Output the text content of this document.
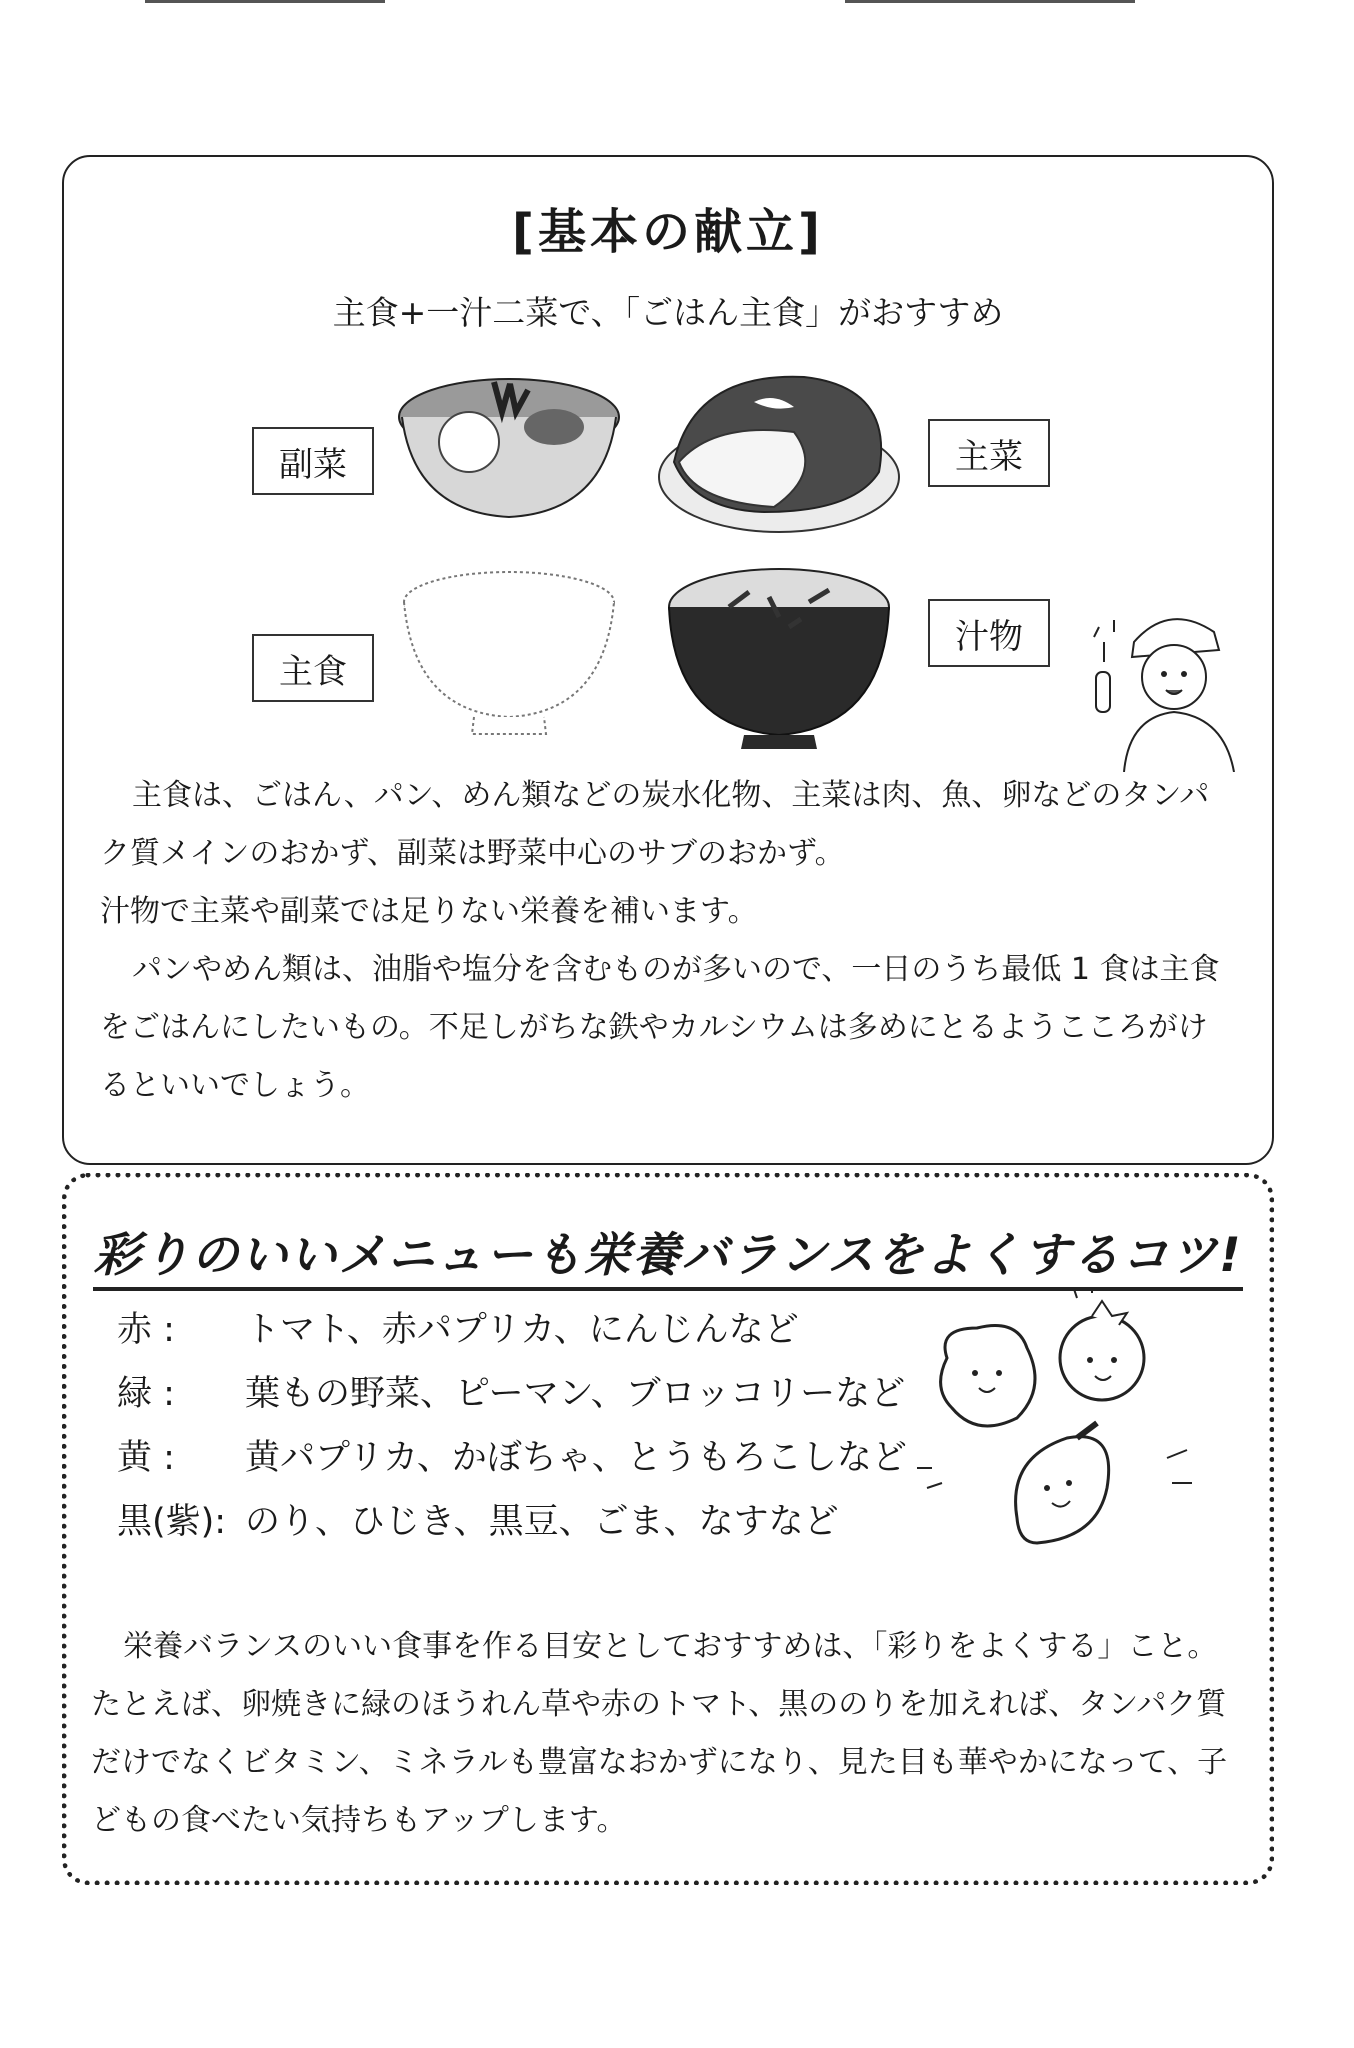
[基本の献立]
主食+一汁二菜で、「ごはん主食」がおすすめ
副菜	主菜
主食
汁物

主食は、ごはん、パン、めん類などの炭水化物、主菜は肉、魚、卵などのタンパク質メインのおかず、副菜は野菜中心のサブのおかず。

汁物で主菜や副菜では足りない栄養を補います。

パンやめん類は、油脂や塩分を含むものが多いので、一日のうち最低 1 食は主食をごはんにしたいもの。不足しがちな鉄やカルシウムは多めにとるようこころがけるといいでしょう。

彩りのいいメニューも栄養バランスをよくするコツ!
赤 :	トマト、赤パプリカ、にんじんなど
緑 :	葉もの野菜、ピーマン、ブロッコリーなど
黄 :	黄パプリカ、かぼちゃ、とうもろこしなど
黒(紫): のり、ひじき、黒豆、ごま、なすなど

栄養バランスのいい食事を作る目安としておすすめは、「彩りをよくする」こと。たとえば、卵焼きに緑のほうれん草や赤のトマト、黒ののりを加えれば、タンパク質だけでなくビタミン、ミネラルも豊富なおかずになり、見た目も華やかになって、子どもの食べたい気持ちもアップします。
